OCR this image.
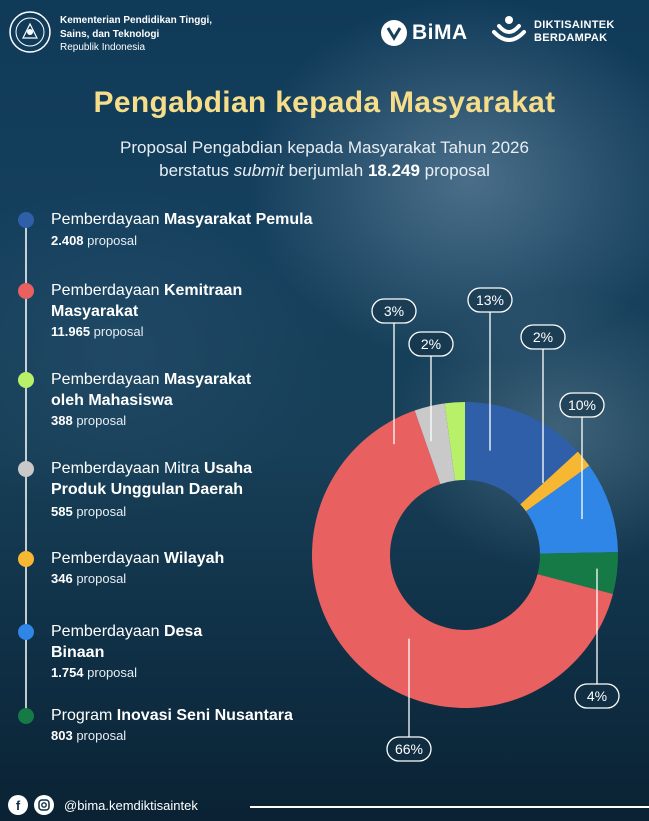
Kementerian Pendidikan Tinggi,
Sains, dan Teknologi
Republik Indonesia
BiMA	DIKTISAINTEK
BERDAMPAK
Pengabdian kepada Masyarakat
Proposal Pengabdian kepada Masyarakat Tahun 2026
berstatus submit berjumlah 18.249 proposal
Pemberdayaan Masyarakat Pemula
2.408 proposal
Pemberdayaan Kemitraan
Masyarakat
11.965 proposal
Pemberdayaan Masyarakat
oleh Mahasiswa
388 proposal
Pemberdayaan Mitra Usaha
Produk Unggulan Daerah
585 proposal
Pemberdayaan Wilayah
346 proposal
Pemberdayaan Desa
Binaan
1.754 proposal
Program Inovasi Seni Nusantara
803 proposal
13%
2%
10%
4%
66%
3%
2%
f	@bima.kemdiktisaintek
